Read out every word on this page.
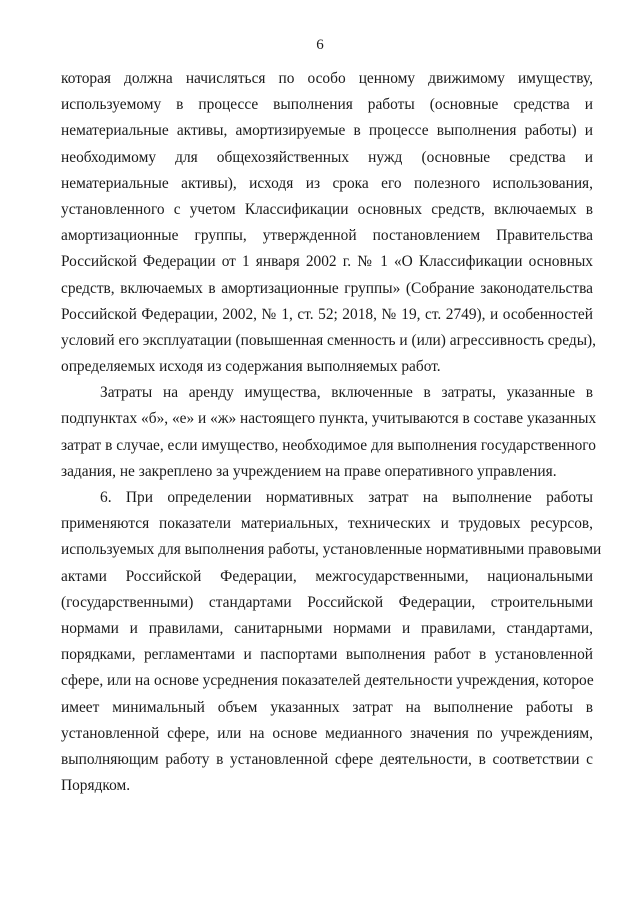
6
которая должна начисляться по особо ценному движимому имуществу,
используемому в процессе выполнения работы (основные средства и
нематериальные активы, амортизируемые в процессе выполнения работы) и
необходимому для общехозяйственных нужд (основные средства и
нематериальные активы), исходя из срока его полезного использования,
установленного с учетом Классификации основных средств, включаемых в
амортизационные группы, утвержденной постановлением Правительства
Российской Федерации от 1 января 2002 г. № 1 «О Классификации основных
средств, включаемых в амортизационные группы» (Собрание законодательства
Российской Федерации, 2002, № 1, ст. 52; 2018, № 19, ст. 2749), и особенностей
условий его эксплуатации (повышенная сменность и (или) агрессивность среды),
определяемых исходя из содержания выполняемых работ.
Затраты на аренду имущества, включенные в затраты, указанные в
подпунктах «б», «е» и «ж» настоящего пункта, учитываются в составе указанных
затрат в случае, если имущество, необходимое для выполнения государственного
задания, не закреплено за учреждением на праве оперативного управления.
6. При определении нормативных затрат на выполнение работы
применяются показатели материальных, технических и трудовых ресурсов,
используемых для выполнения работы, установленные нормативными правовыми
актами Российской Федерации, межгосударственными, национальными
(государственными) стандартами Российской Федерации, строительными
нормами и правилами, санитарными нормами и правилами, стандартами,
порядками, регламентами и паспортами выполнения работ в установленной
сфере, или на основе усреднения показателей деятельности учреждения, которое
имеет минимальный объем указанных затрат на выполнение работы в
установленной сфере, или на основе медианного значения по учреждениям,
выполняющим работу в установленной сфере деятельности, в соответствии с
Порядком.
